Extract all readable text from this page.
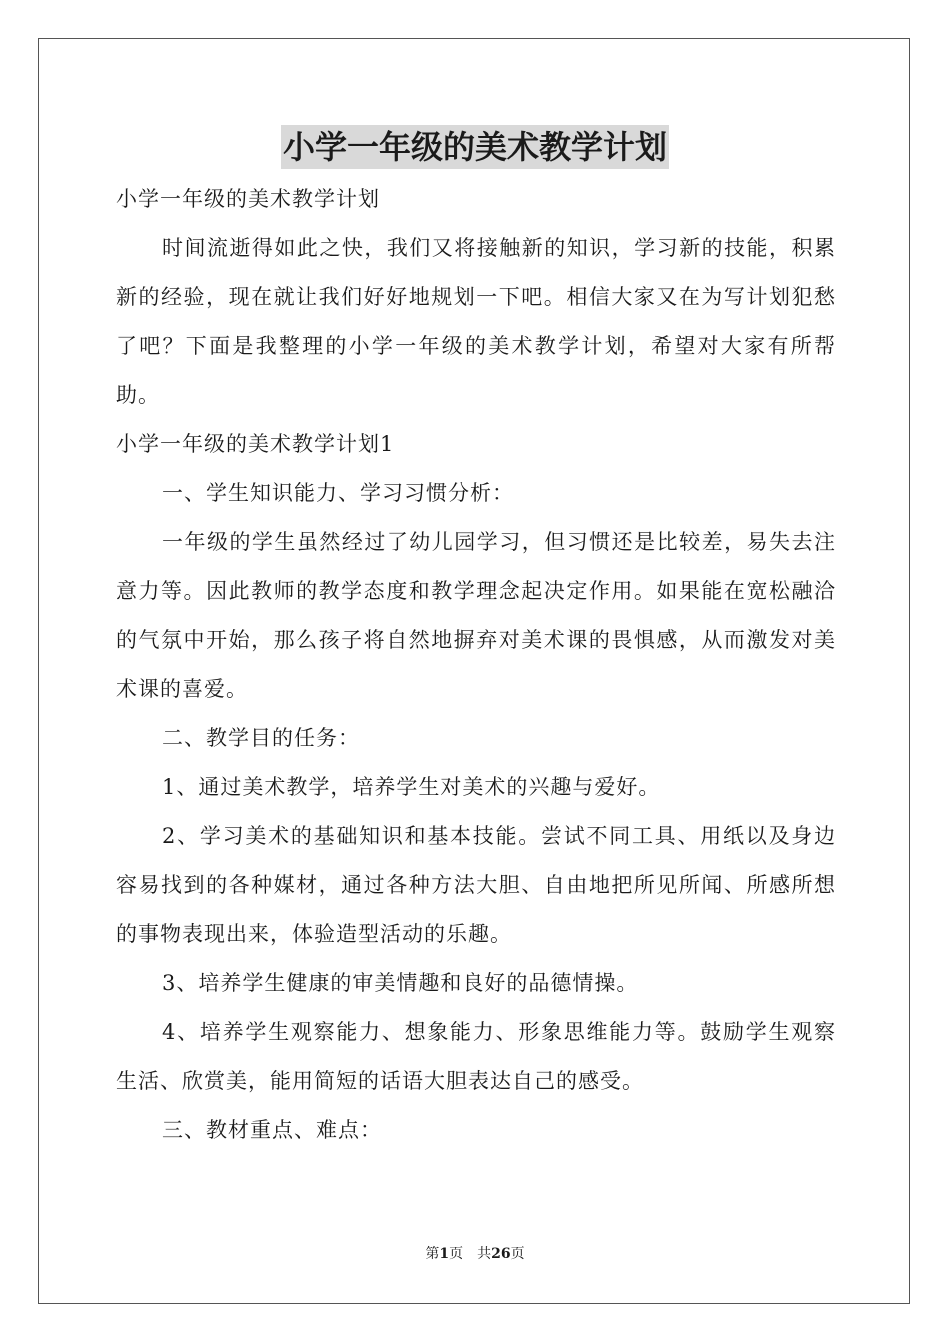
小学一年级的美术教学计划

小学一年级的美术教学计划

时间流逝得如此之快，我们又将接触新的知识，学习新的技能，积累新的经验，现在就让我们好好地规划一下吧。相信大家又在为写计划犯愁了吧？下面是我整理的小学一年级的美术教学计划，希望对大家有所帮助。

小学一年级的美术教学计划1

一、学生知识能力、学习习惯分析：

一年级的学生虽然经过了幼儿园学习，但习惯还是比较差，易失去注意力等。因此教师的教学态度和教学理念起决定作用。如果能在宽松融洽的气氛中开始，那么孩子将自然地摒弃对美术课的畏惧感，从而激发对美术课的喜爱。

二、教学目的任务：

1、通过美术教学，培养学生对美术的兴趣与爱好。

2、学习美术的基础知识和基本技能。尝试不同工具、用纸以及身边容易找到的各种媒材，通过各种方法大胆、自由地把所见所闻、所感所想的事物表现出来，体验造型活动的乐趣。

3、培养学生健康的审美情趣和良好的品德情操。

4、培养学生观察能力、想象能力、形象思维能力等。鼓励学生观察生活、欣赏美，能用简短的话语大胆表达自己的感受。

三、教材重点、难点：

第1页 共26页
